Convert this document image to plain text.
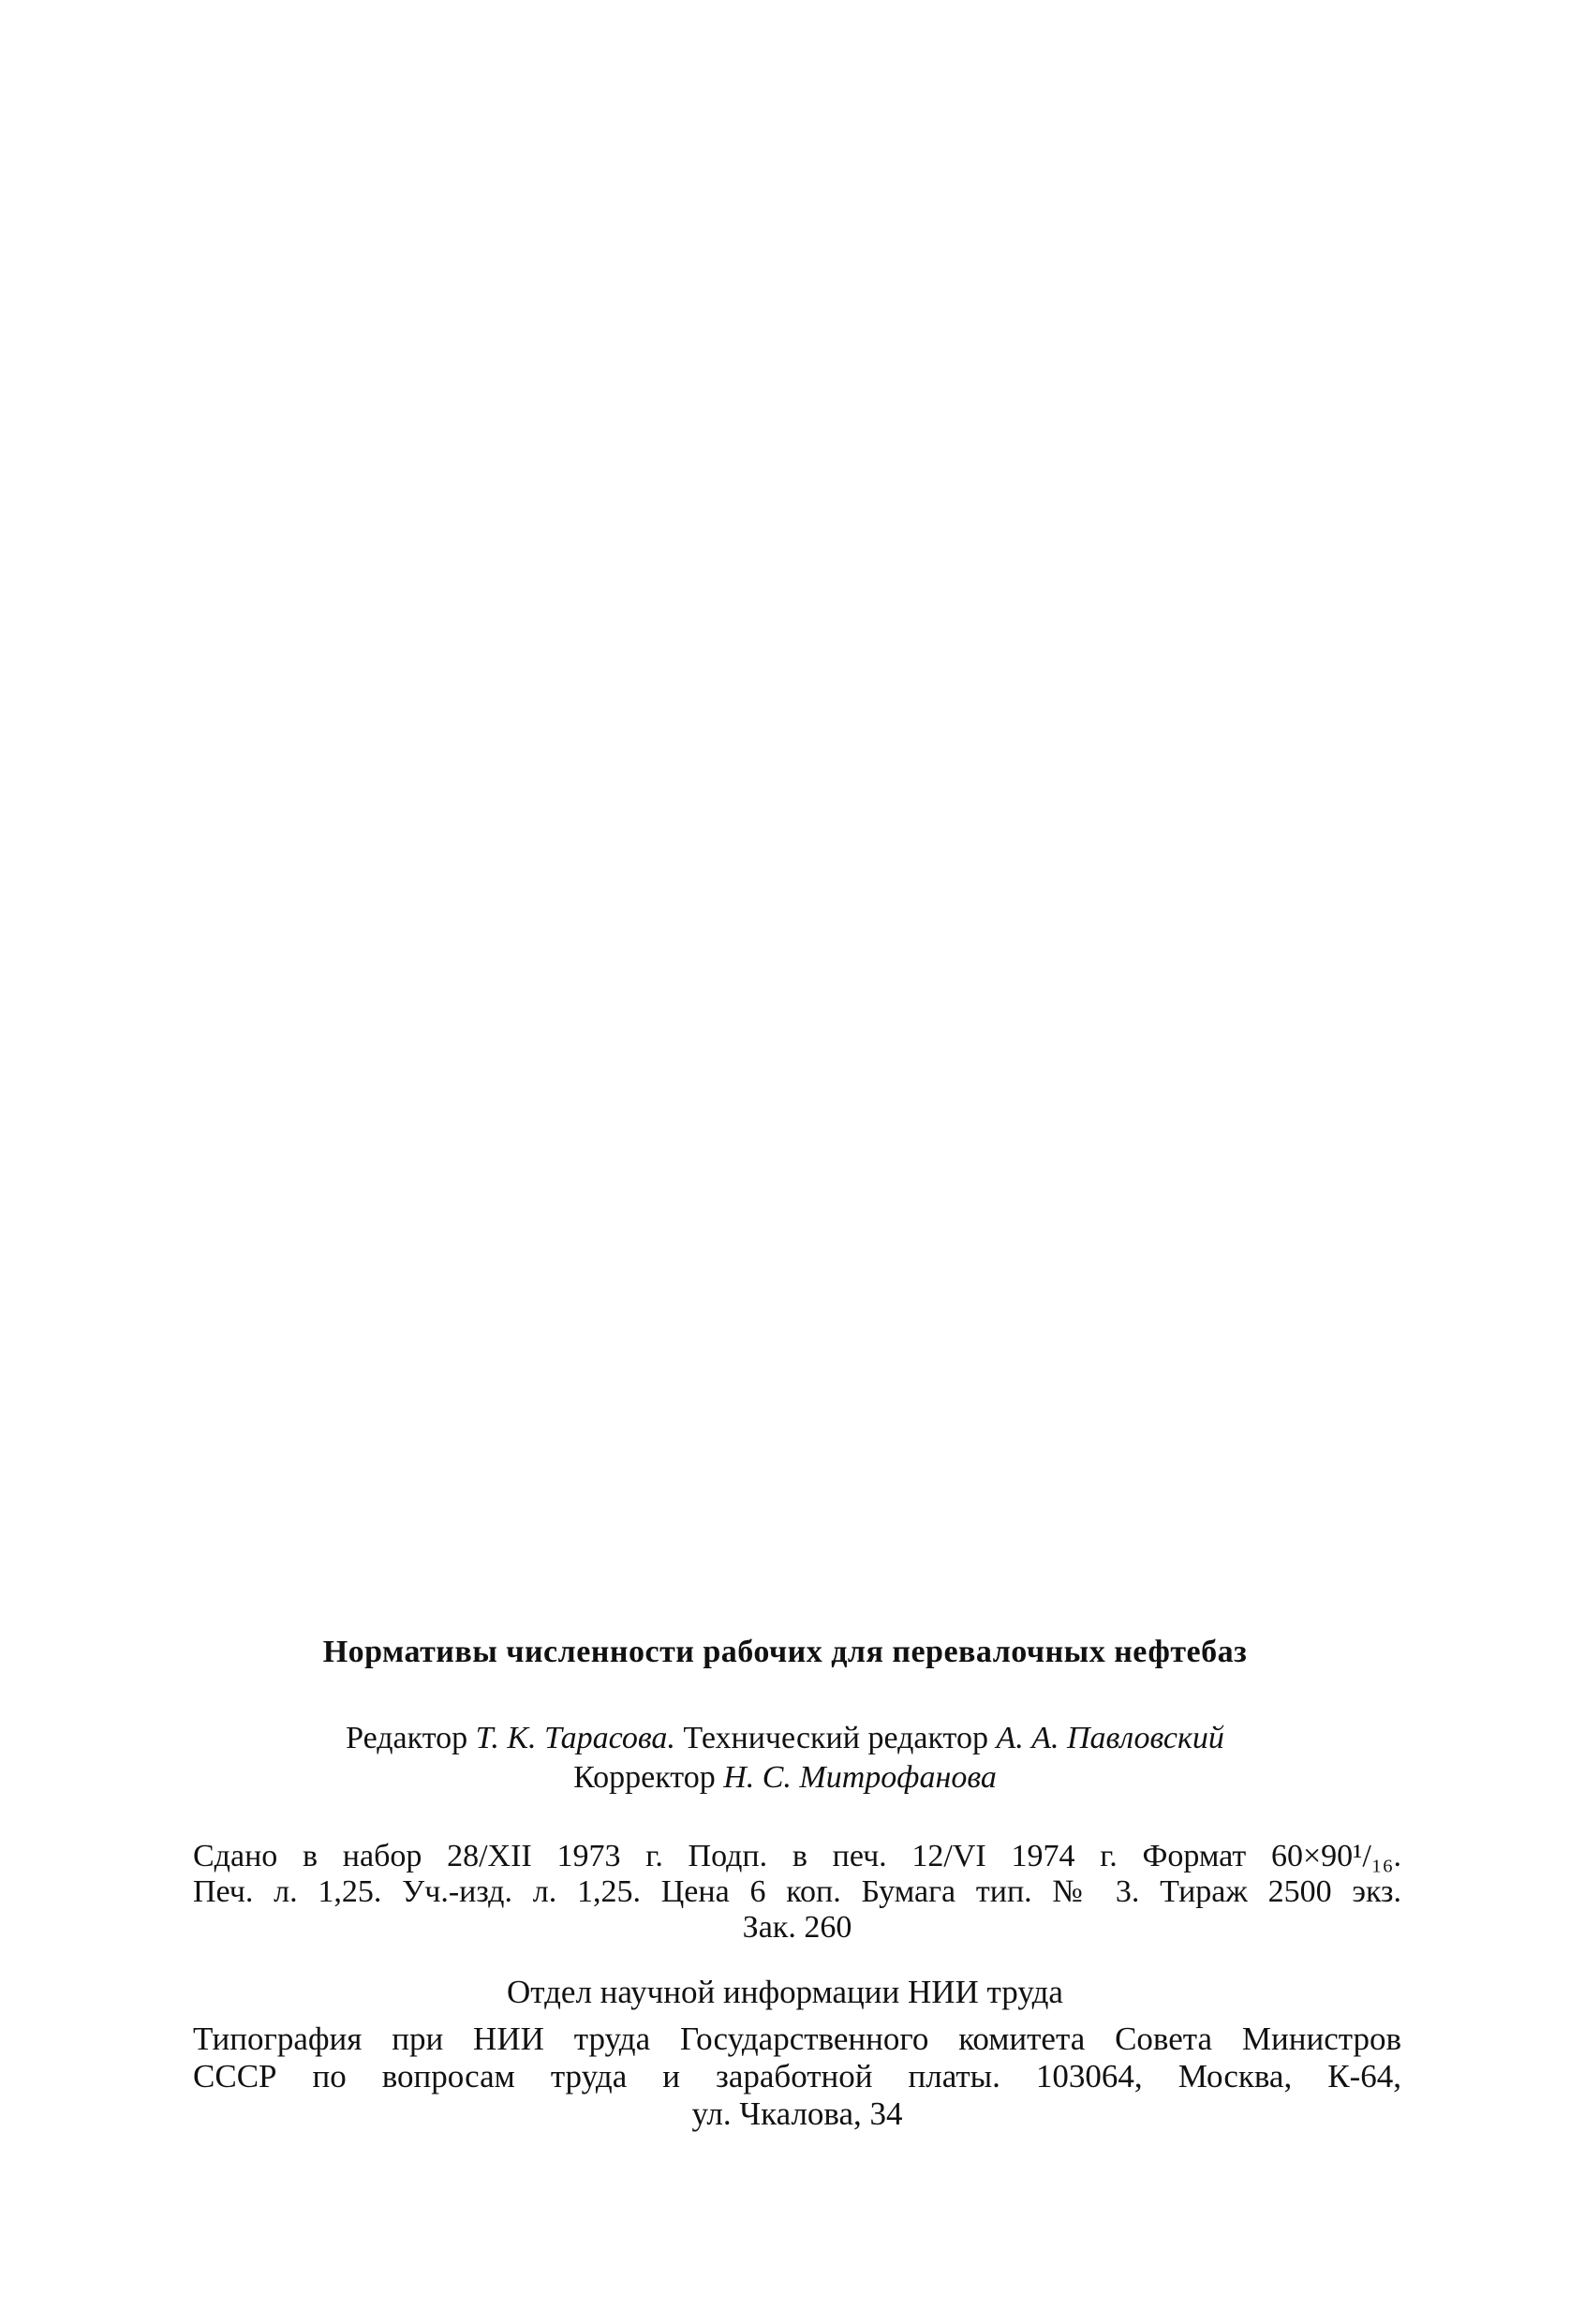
Нормативы численности рабочих для перевалочных нефтебаз
Редактор Т. К. Тарасова. Технический редактор А. А. Павловский
Корректор Н. С. Митрофанова
Сдано в набор 28/XII 1973 г. Подп. в печ. 12/VI 1974 г. Формат 60×90¹/₁₆.
Печ. л. 1,25. Уч.-изд. л. 1,25. Цена 6 коп. Бумага тип. № 3. Тираж 2500 экз.
Зак. 260
Отдел научной информации НИИ труда
Типография при НИИ труда Государственного комитета Совета Министров
СССР по вопросам труда и заработной платы. 103064, Москва, К-64,
ул. Чкалова, 34
